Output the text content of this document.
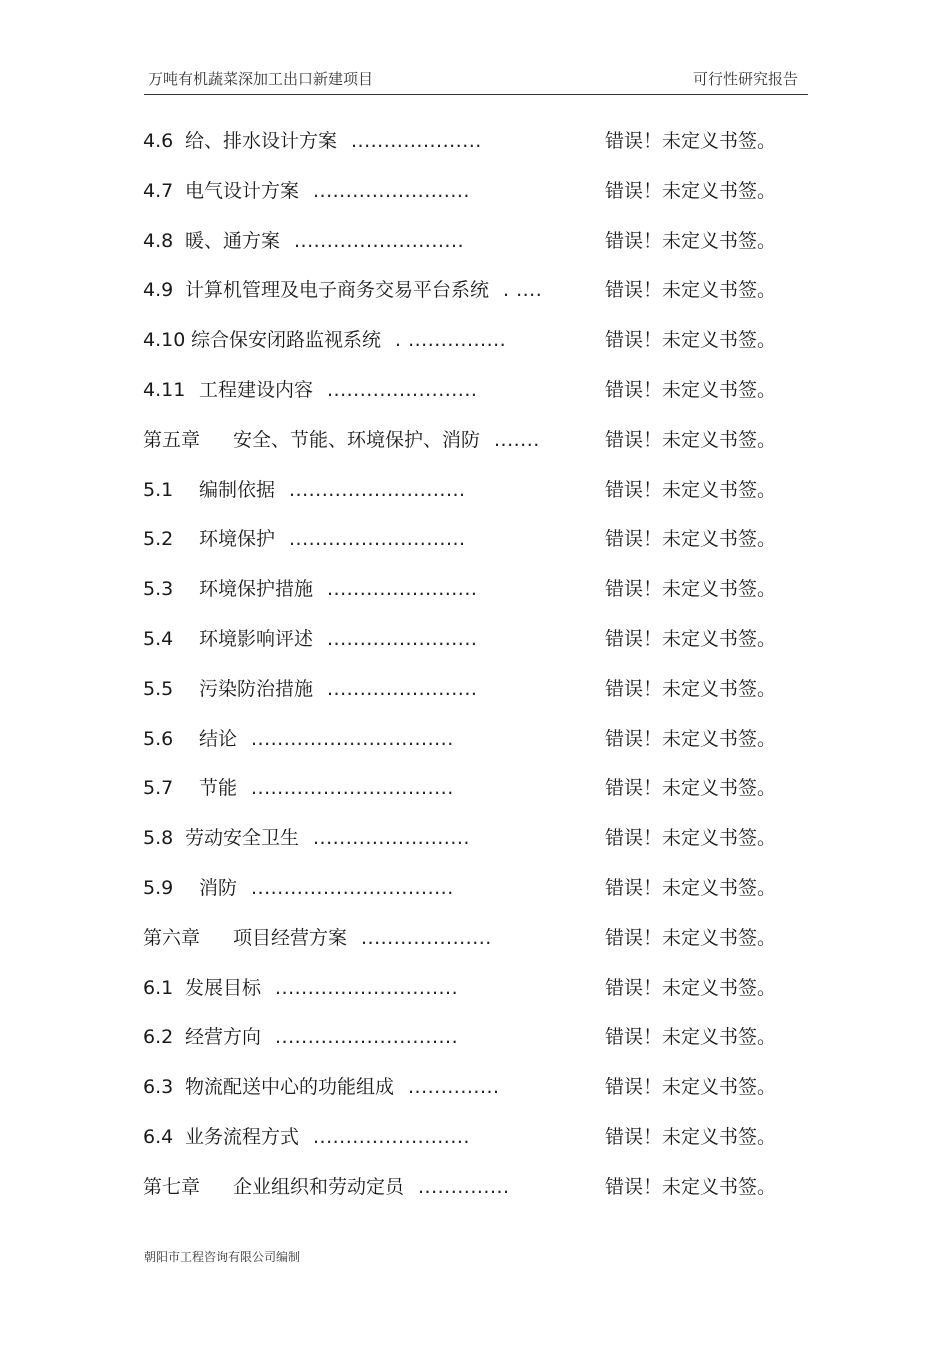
万吨有机蔬菜深加工出口新建项目	可行性研究报告
4.6 给、排水设计方案 ....................	错误！未定义书签。
4.7 电气设计方案 ........................	错误！未定义书签。
4.8 暖、通方案 ..........................	错误！未定义书签。
4.9 计算机管理及电子商务交易平台系统 . ....	错误！未定义书签。
4.10 综合保安闭路监视系统 . ...............	错误！未定义书签。
4.11 工程建设内容 .......................	错误！未定义书签。
第五章 安全、节能、环境保护、消防 .......	错误！未定义书签。
5.1 编制依据 ...........................	错误！未定义书签。
5.2 环境保护 ...........................	错误！未定义书签。
5.3 环境保护措施 .......................	错误！未定义书签。
5.4 环境影响评述 .......................	错误！未定义书签。
5.5 污染防治措施 .......................	错误！未定义书签。
5.6 结论 ...............................	错误！未定义书签。
5.7 节能 ...............................	错误！未定义书签。
5.8 劳动安全卫生 ........................	错误！未定义书签。
5.9 消防 ...............................	错误！未定义书签。
第六章 项目经营方案 ....................	错误！未定义书签。
6.1 发展目标 ............................	错误！未定义书签。
6.2 经营方向 ............................	错误！未定义书签。
6.3 物流配送中心的功能组成 ..............	错误！未定义书签。
6.4 业务流程方式 ........................	错误！未定义书签。
第七章 企业组织和劳动定员 ..............	错误！未定义书签。
朝阳市工程咨询有限公司编制
